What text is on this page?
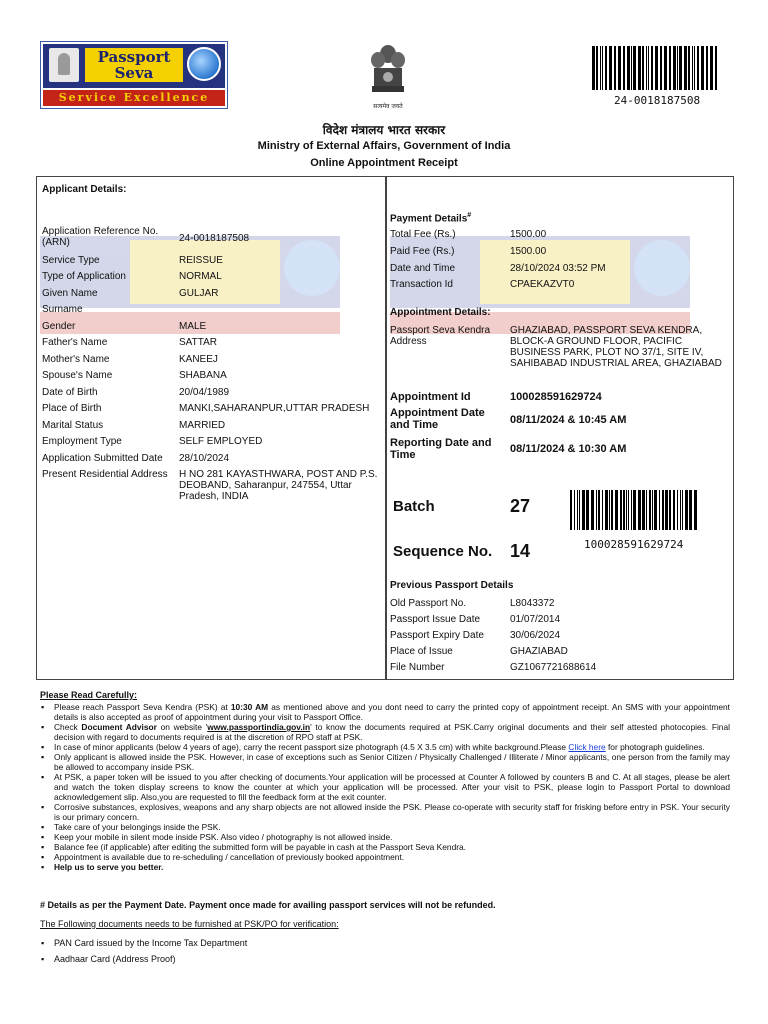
Passport
Seva
Service Excellence
सत्यमेव जयते	24-0018187508
विदेश मंत्रालय भारत सरकार
Ministry of External Affairs, Government of India
Online Appointment Receipt
Applicant Details:
Application Reference No. (ARN)	24-0018187508
Service Type	REISSUE
Type of Application	NORMAL
Given Name	GULJAR
Surname
Gender	MALE
Father's Name	SATTAR
Mother's Name	KANEEJ
Spouse's Name	SHABANA
Date of Birth	20/04/1989
Place of Birth	MANKI,SAHARANPUR,UTTAR PRADESH
Marital Status	MARRIED
Employment Type	SELF EMPLOYED
Application Submitted Date 28/10/2024
Present Residential Address H NO 281 KAYASTHWARA, POST AND P.S. DEOBAND, Saharanpur, 247554, Uttar Pradesh, INDIA
Payment Details#
Total Fee (Rs.)	1500.00
Paid Fee (Rs.)	1500.00
Date and Time	28/10/2024 03:52 PM
Transaction Id	CPAEKAZVT0
Appointment Details:
Passport Seva Kendra Address
GHAZIABAD, PASSPORT SEVA KENDRA, BLOCK-A GROUND FLOOR, PACIFIC BUSINESS PARK, PLOT NO 37/1, SITE IV, SAHIBABAD INDUSTRIAL AREA, GHAZIABAD
Appointment Id	100028591629724
Appointment Date and Time	08/11/2024 & 10:45 AM
Reporting Date and Time	08/11/2024 & 10:30 AM
Batch	27
100028591629724
Sequence No. 14
Previous Passport Details
Old Passport No.	L8043372
Passport Issue Date	01/07/2014
Passport Expiry Date	30/06/2024
Place of Issue	GHAZIABAD
File Number	GZ1067721688614
Please Read Carefully:
▪ Please reach Passport Seva Kendra (PSK) at 10:30 AM as mentioned above and you dont need to carry the printed copy of appointment receipt. An SMS with your appointment details is also accepted as proof of appointment during your visit to Passport Office.
▪ Check Document Advisor on website 'www.passportindia.gov.in' to know the documents required at PSK.Carry original documents and their self attested photocopies. Final decision with regard to documents required is at the discretion of RPO staff at PSK.
▪ In case of minor applicants (below 4 years of age), carry the recent passport size photograph (4.5 X 3.5 cm) with white background.Please Click here for photograph guidelines.
▪ Only applicant is allowed inside the PSK. However, in case of exceptions such as Senior Citizen / Physically Challenged / Illiterate / Minor applicants, one person from the family may be allowed to accompany inside PSK.
▪ At PSK, a paper token will be issued to you after checking of documents.Your application will be processed at Counter A followed by counters B and C. At all stages, please be alert and watch the token display screens to know the counter at which your application will be processed. After your visit to PSK, please login to Passport Portal to download acknowledgement slip. Also,you are requested to fill the feedback form at the exit counter.
▪ Corrosive substances, explosives, weapons and any sharp objects are not allowed inside the PSK. Please co-operate with security staff for frisking before entry in PSK. Your security is our primary concern.
▪ Take care of your belongings inside the PSK.
▪ Keep your mobile in silent mode inside PSK. Also video / photography is not allowed inside.
▪ Balance fee (if applicable) after editing the submitted form will be payable in cash at the Passport Seva Kendra.
▪ Appointment is available due to re-scheduling / cancellation of previously booked appointment.
▪ Help us to serve you better.
# Details as per the Payment Date. Payment once made for availing passport services will not be refunded.
The Following documents needs to be furnished at PSK/PO for verification:
▪ PAN Card issued by the Income Tax Department
▪ Aadhaar Card (Address Proof)
